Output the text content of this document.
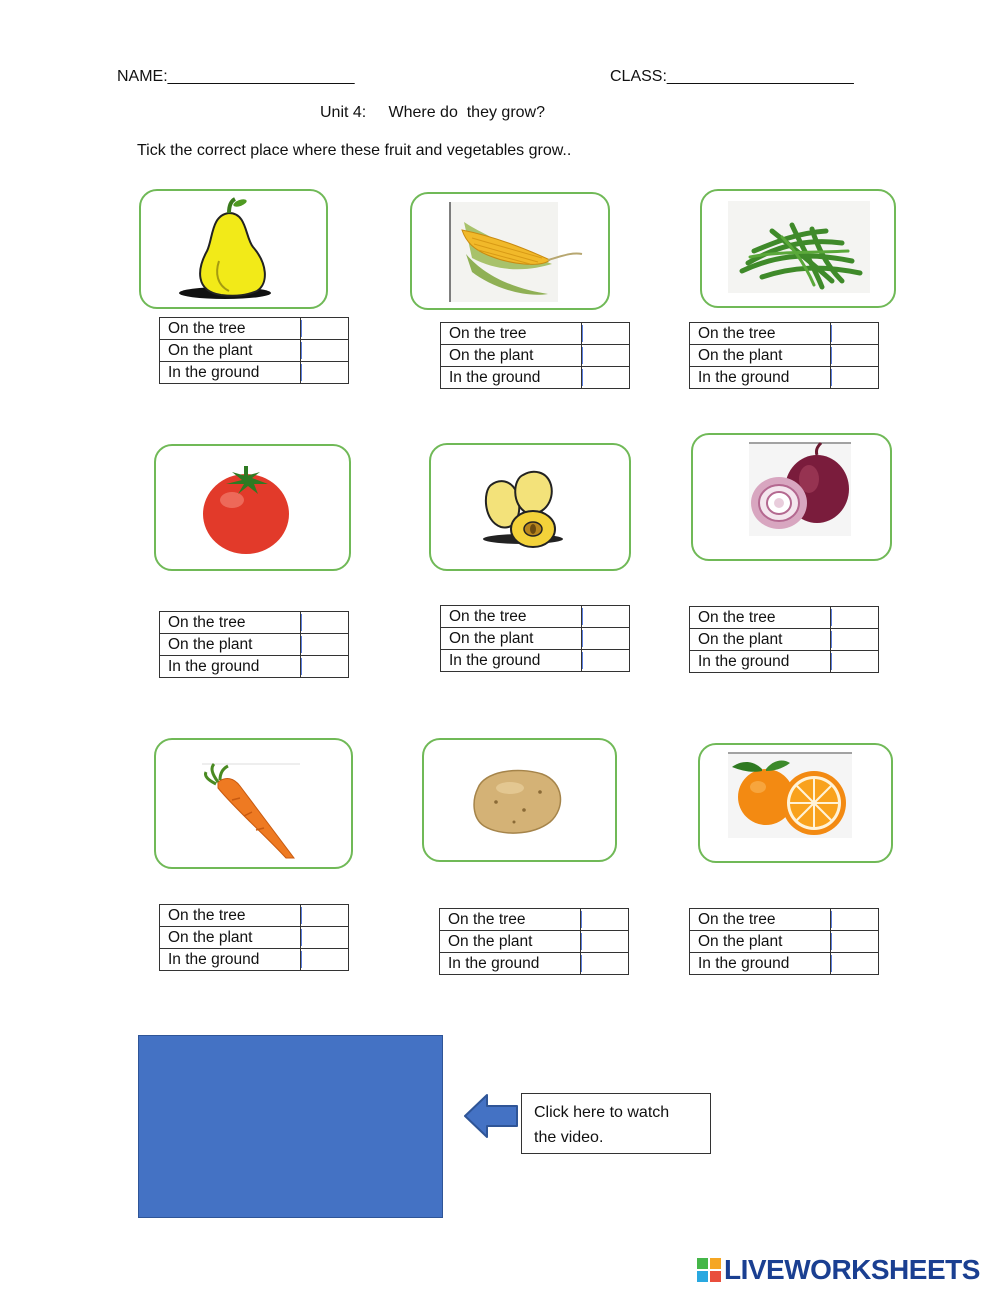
NAME:_____________________	CLASS:_____________________
Unit 4:     Where do  they grow?
Tick the correct place where these fruit and vegetables grow..
On the tree	
On the plant	
In the ground	
On the tree	
On the plant	
In the ground	
On the tree	
On the plant	
In the ground	
On the tree	
On the plant	
In the ground	
On the tree	
On the plant	
In the ground	
On the tree	
On the plant	
In the ground	
On the tree	
On the plant	
In the ground	
On the tree	
On the plant	
In the ground	
On the tree	
On the plant	
In the ground	
Click here to watch
the video.
LIVEWORKSHEETS
